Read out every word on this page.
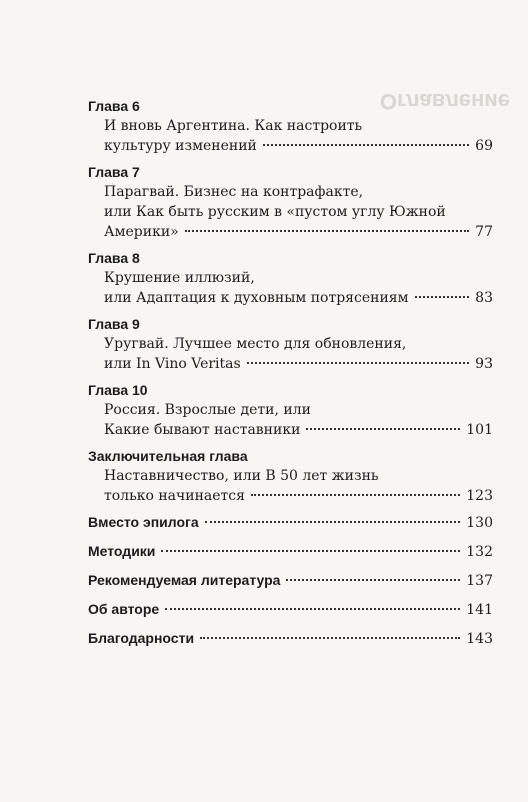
Оглавление
Глава 6
И вновь Аргентина. Как настроить
культуру изменений	69
Глава 7
Парагвай. Бизнес на контрафакте,
или Как быть русским в «пустом углу Южной
Америки»	77
Глава 8
Крушение иллюзий,
или Адаптация к духовным потрясениям	83
Глава 9
Уругвай. Лучшее место для обновления,
или In Vino Veritas	93
Глава 10
Россия. Взрослые дети, или
Какие бывают наставники	101
Заключительная глава
Наставничество, или В 50 лет жизнь
только начинается	123
Вместо эпилога	130
Методики	132
Рекомендуемая литература	137
Об авторе	141
Благодарности	143
